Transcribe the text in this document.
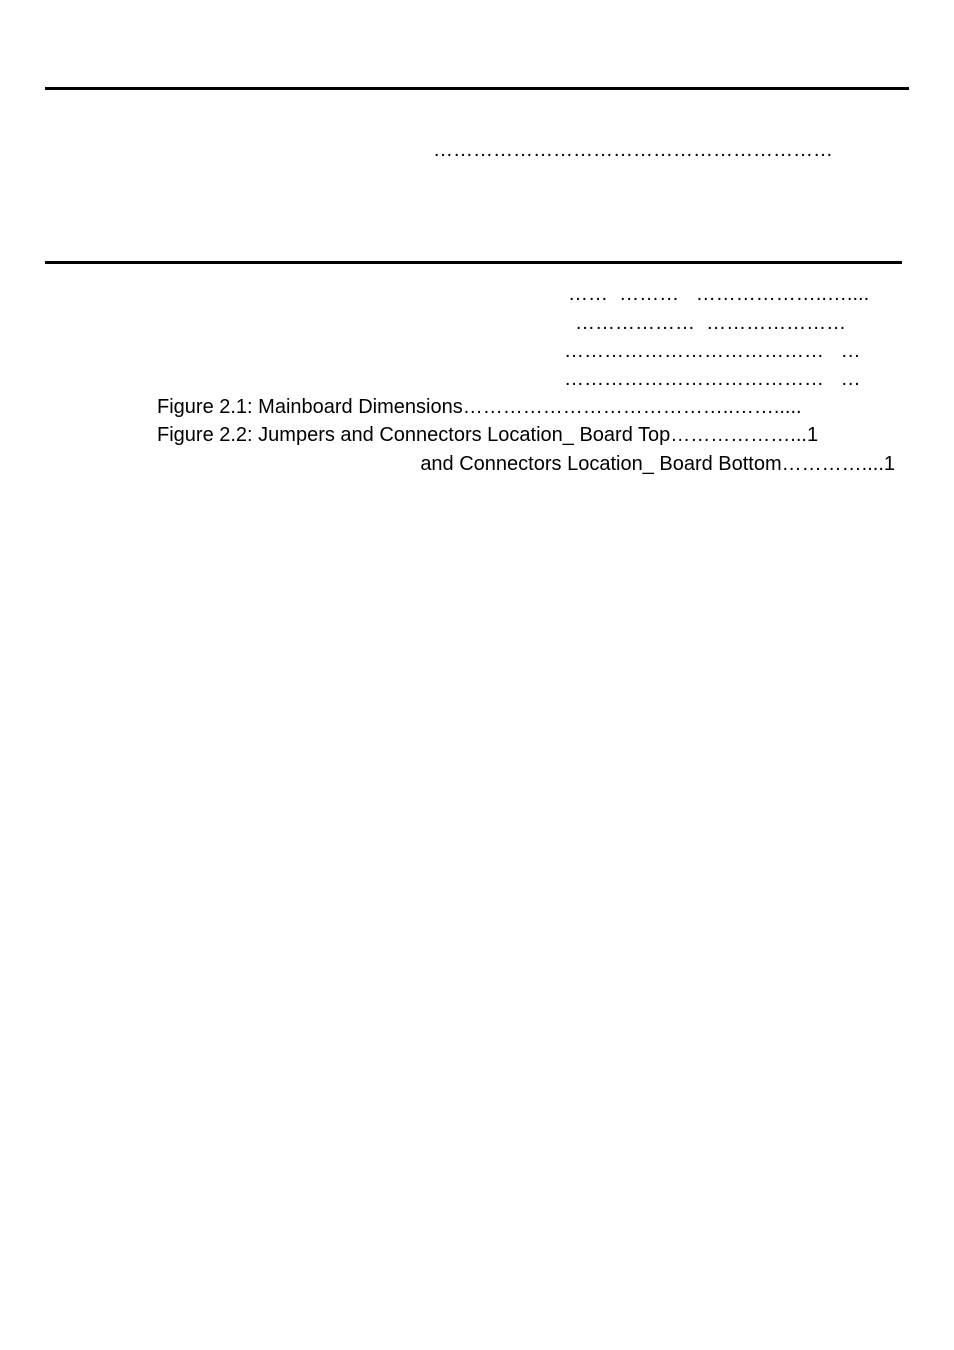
……………………………………………………
……  ………   ………………..…....
………………  …………………
…………………………………   …
…………………………………   …
Figure 2.1: Mainboard Dimensions…………………………………..…….....
Figure 2.2: Jumpers and Connectors Location_ Board Top………………...1
and Connectors Location_ Board Bottom…………....1
